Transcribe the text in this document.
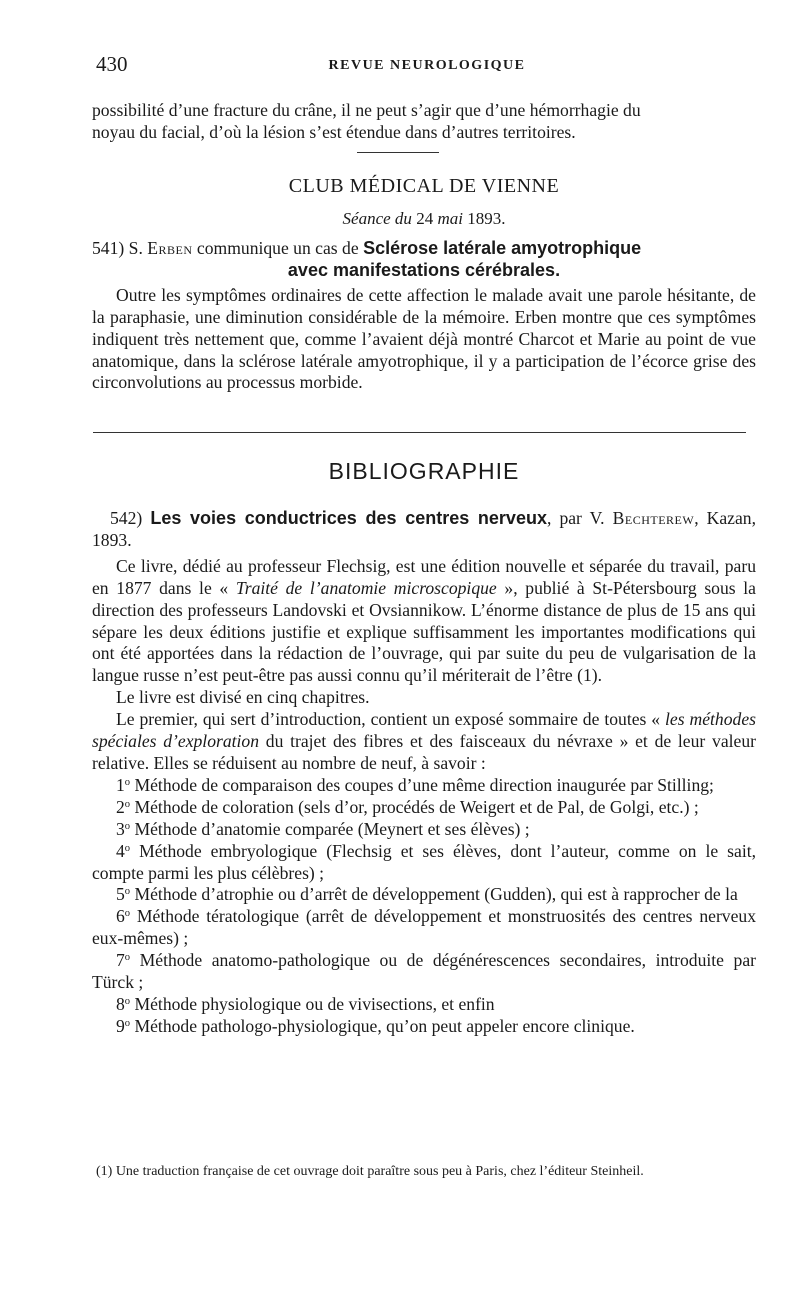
430	REVUE NEUROLOGIQUE

possibilité d’une fracture du crâne, il ne peut s’agir que d’une hémorrhagie du

noyau du facial, d’où la lésion s’est étendue dans d’autres territoires.

CLUB MÉDICAL DE VIENNE
Séance du 24 mai 1893.

541) S. Erben communique un cas de Sclérose latérale amyotrophique

avec manifestations cérébrales.

Outre les symptômes ordinaires de cette affection le malade avait une parole hésitante, de la paraphasie, une diminution considérable de la mémoire. Erben montre que ces symptômes indiquent très nettement que, comme l’avaient déjà montré Charcot et Marie au point de vue anatomique, dans la sclérose latérale amyotrophique, il y a participation de l’écorce grise des circonvolutions au processus morbide.

BIBLIOGRAPHIE

542) Les voies conductrices des centres nerveux, par V. Bechterew, Kazan, 1893.

Ce livre, dédié au professeur Flechsig, est une édition nouvelle et séparée du travail, paru en 1877 dans le « Traité de l’anatomie microscopique », publié à St-Pétersbourg sous la direction des professeurs Landovski et Ovsiannikow. L’énorme distance de plus de 15 ans qui sépare les deux éditions justifie et explique suffisamment les importantes modifications qui ont été apportées dans la rédaction de l’ouvrage, qui par suite du peu de vulgarisation de la langue russe n’est peut-être pas aussi connu qu’il mériterait de l’être (1).

Le livre est divisé en cinq chapitres.

Le premier, qui sert d’introduction, contient un exposé sommaire de toutes « les méthodes spéciales d’exploration du trajet des fibres et des faisceaux du névraxe » et de leur valeur relative. Elles se réduisent au nombre de neuf, à savoir :

1$^o$ Méthode de comparaison des coupes d’une même direction inaugurée par Stilling;

2$^o$ Méthode de coloration (sels d’or, procédés de Weigert et de Pal, de Golgi, etc.) ;

3$^o$ Méthode d’anatomie comparée (Meynert et ses élèves) ;

4$^o$ Méthode embryologique (Flechsig et ses élèves, dont l’auteur, comme on le sait, compte parmi les plus célèbres) ;

5$^o$ Méthode d’atrophie ou d’arrêt de développement (Gudden), qui est à rapprocher de la

6$^o$ Méthode tératologique (arrêt de développement et monstruosités des centres nerveux eux-mêmes) ;

7$^o$ Méthode anatomo-pathologique ou de dégénérescences secondaires, introduite par Türck ;

8$^o$ Méthode physiologique ou de vivisections, et enfin

9$^o$ Méthode pathologo-physiologique, qu’on peut appeler encore clinique.

(1) Une traduction française de cet ouvrage doit paraître sous peu à Paris, chez l’éditeur Steinheil.
